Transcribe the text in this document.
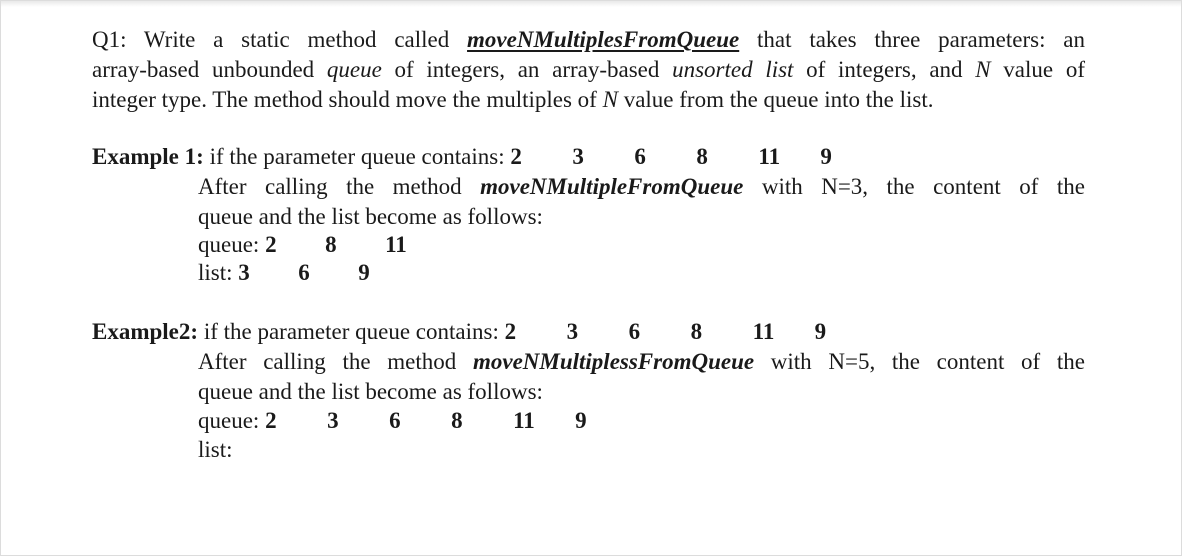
Q1: Write a static method called moveNMultiplesFromQueue that takes three parameters: an
array-based unbounded queue of integers, an array-based unsorted list of integers, and N value of
integer type. The method should move the multiples of N value from the queue into the list.
Example 1: if the parameter queue contains: 2 3 6 8 11 9
After calling the method moveNMultipleFromQueue with N=3, the content of the
queue and the list become as follows:
queue: 2 8 11
list: 3 6 9
Example2: if the parameter queue contains: 2 3 6 8 11 9
After calling the method moveNMultiplessFromQueue with N=5, the content of the
queue and the list become as follows:
queue: 2 3 6 8 11 9
list:
